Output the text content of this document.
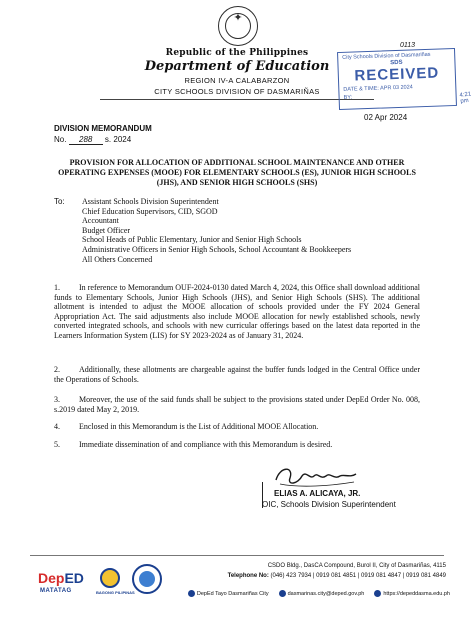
✦
Republic of the Philippines
Department of Education
REGION IV-A CALABARZON
CITY SCHOOLS DIVISION OF DASMARIÑAS
0113
City Schools Division of Dasmariñas
SDS
RECEIVED
DATE & TIME: APR 03 2024
BY:	4:21 pm
02 Apr 2024
DIVISION MEMORANDUM
No. 288 s. 2024
PROVISION FOR ALLOCATION OF ADDITIONAL SCHOOL MAINTENANCE AND OTHER OPERATING EXPENSES (MOOE) FOR ELEMENTARY SCHOOLS (ES), JUNIOR HIGH SCHOOLS (JHS), AND SENIOR HIGH SCHOOLS (SHS)
To: Assistant Schools Division Superintendent
Chief Education Supervisors, CID, SGOD
Accountant
Budget Officer
School Heads of Public Elementary, Junior and Senior High Schools
Administrative Officers in Senior High Schools, School Accountant & Bookkeepers
All Others Concerned
1. In reference to Memorandum OUF-2024-0130 dated March 4, 2024, this Office shall download additional funds to Elementary Schools, Junior High Schools (JHS), and Senior High Schools (SHS). The additional allotment is intended to adjust the MOOE allocation of schools provided under the FY 2024 General Appropriation Act. The said adjustments also include MOOE allocation for newly established schools, newly converted integrated schools, and schools with new curricular offerings based on the latest data reported in the Learners Information System (LIS) for SY 2023-2024 as of January 31, 2024.
2. Additionally, these allotments are chargeable against the buffer funds lodged in the Central Office under the Operations of Schools.
3. Moreover, the use of the said funds shall be subject to the provisions stated under DepEd Order No. 008, s.2019 dated May 2, 2019.
4. Enclosed in this Memorandum is the List of Additional MOOE Allocation.
5. Immediate dissemination of and compliance with this Memorandum is desired.
ELIAS A. ALICAYA, JR.
OIC, Schools Division Superintendent
DepED
MATATAG	BAGONG PILIPINAS
CSDO Bldg., DasCA Compound, Burol II, City of Dasmariñas, 4115
Telephone No: (046) 423 7934 | 0919 081 4851 | 0919 081 4847 | 0919 081 4849
DepEd Tayo Dasmariñas City	dasmarinas.city@deped.gov.ph	https://depeddasma.edu.ph
